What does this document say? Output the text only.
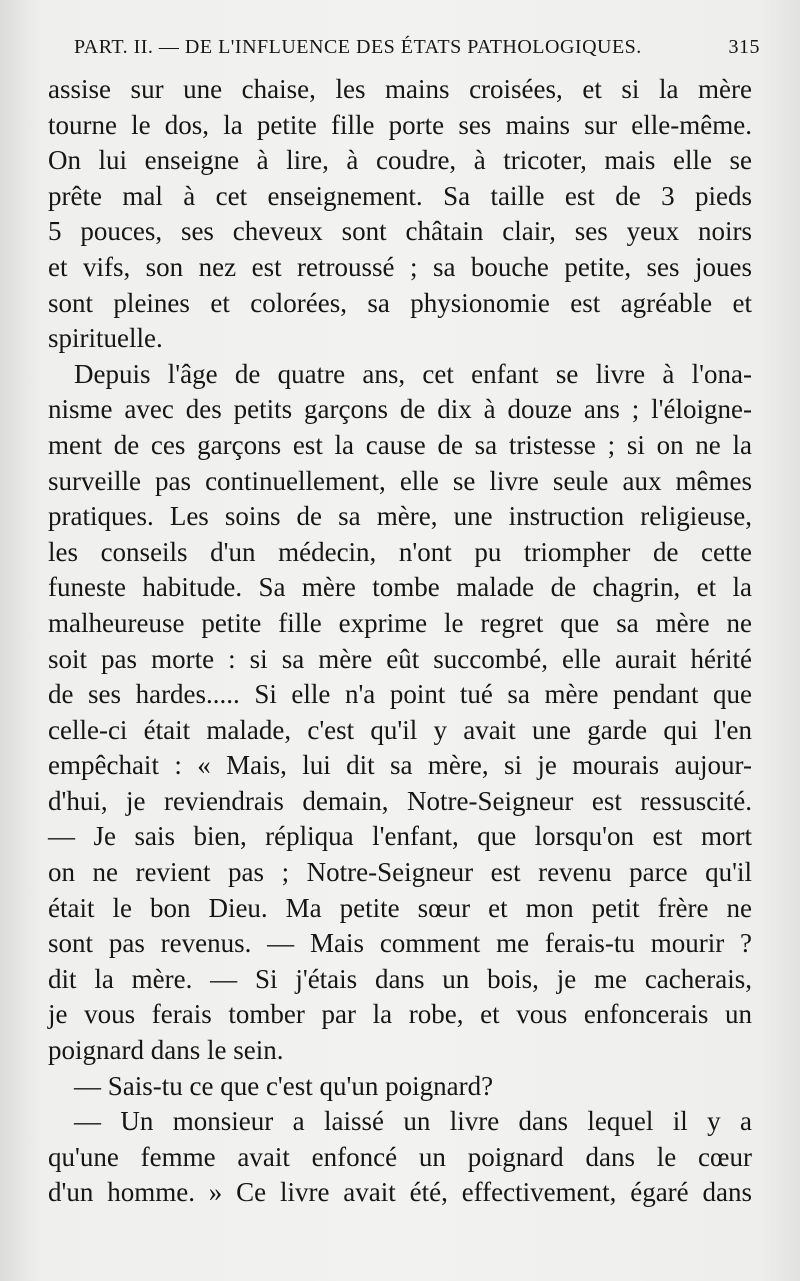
PART. II. — DE L'INFLUENCE DES ÉTATS PATHOLOGIQUES.	315
assise sur une chaise, les mains croisées, et si la mère
tourne le dos, la petite fille porte ses mains sur elle-même.
On lui enseigne à lire, à coudre, à tricoter, mais elle se
prête mal à cet enseignement. Sa taille est de 3 pieds
5 pouces, ses cheveux sont châtain clair, ses yeux noirs
et vifs, son nez est retroussé ; sa bouche petite, ses joues
sont pleines et colorées, sa physionomie est agréable et
spirituelle.
Depuis l'âge de quatre ans, cet enfant se livre à l'ona-
nisme avec des petits garçons de dix à douze ans ; l'éloigne-
ment de ces garçons est la cause de sa tristesse ; si on ne la
surveille pas continuellement, elle se livre seule aux mêmes
pratiques. Les soins de sa mère, une instruction religieuse,
les conseils d'un médecin, n'ont pu triompher de cette
funeste habitude. Sa mère tombe malade de chagrin, et la
malheureuse petite fille exprime le regret que sa mère ne
soit pas morte : si sa mère eût succombé, elle aurait hérité
de ses hardes..... Si elle n'a point tué sa mère pendant que
celle-ci était malade, c'est qu'il y avait une garde qui l'en
empêchait : « Mais, lui dit sa mère, si je mourais aujour-
d'hui, je reviendrais demain, Notre-Seigneur est ressuscité.
— Je sais bien, répliqua l'enfant, que lorsqu'on est mort
on ne revient pas ; Notre-Seigneur est revenu parce qu'il
était le bon Dieu. Ma petite sœur et mon petit frère ne
sont pas revenus. — Mais comment me ferais-tu mourir ?
dit la mère. — Si j'étais dans un bois, je me cacherais,
je vous ferais tomber par la robe, et vous enfoncerais un
poignard dans le sein.
— Sais-tu ce que c'est qu'un poignard?
— Un monsieur a laissé un livre dans lequel il y a
qu'une femme avait enfoncé un poignard dans le cœur
d'un homme. » Ce livre avait été, effectivement, égaré dans
